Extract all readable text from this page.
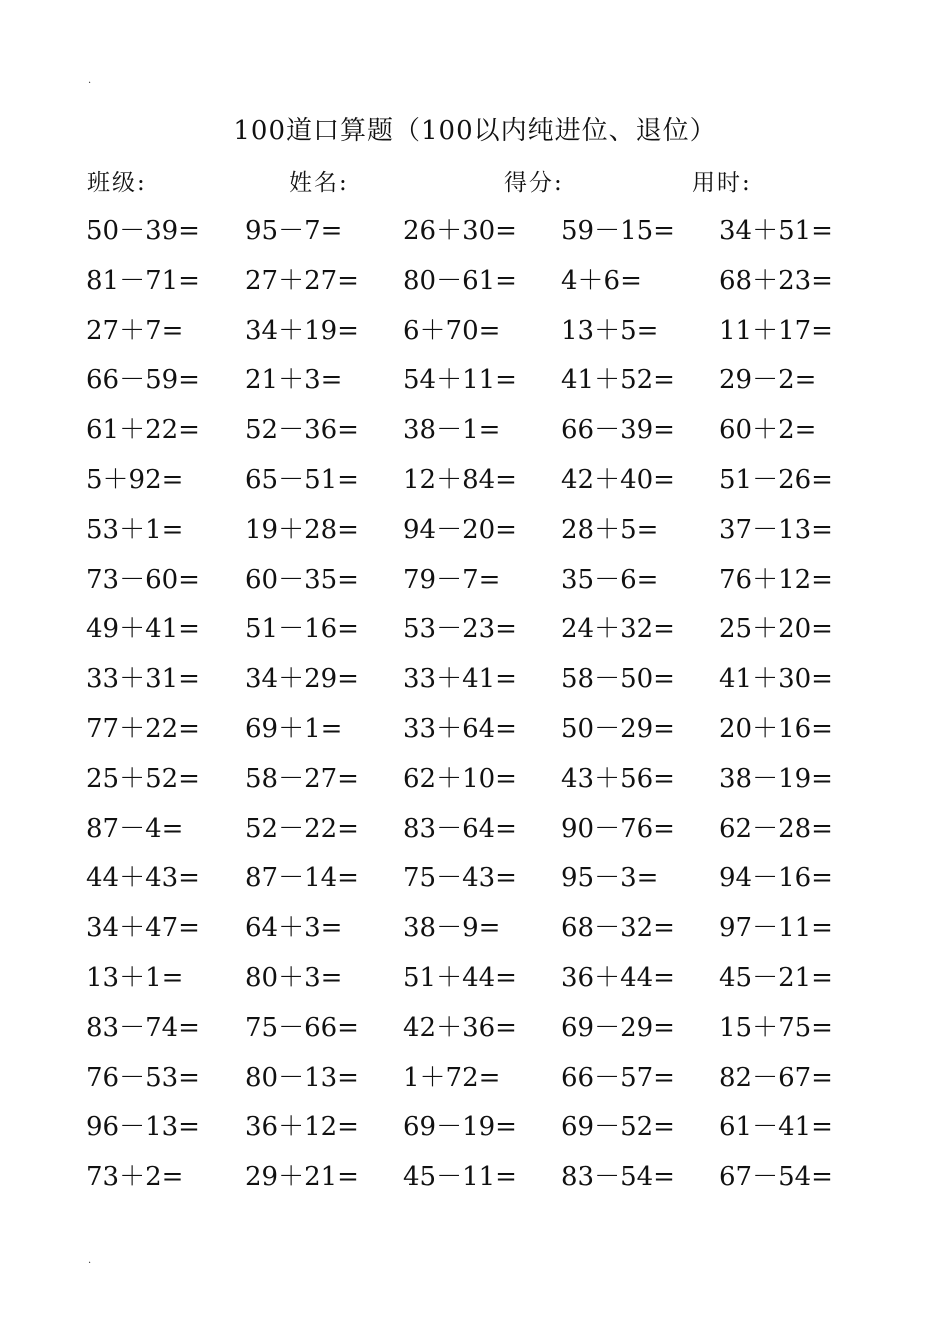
.
100道口算题（100以内纯进位、退位）
班级:	姓名:	得分:	用时:
50－39= 95－7= 26＋30= 59－15= 34＋51=
81－71= 27＋27= 80－61= 4＋6=	68＋23=
27＋7= 34＋19= 6＋70= 13＋5= 11＋17=
66－59= 21＋3= 54＋11= 41＋52= 29－2=
61＋22= 52－36= 38－1= 66－39= 60＋2=
5＋92= 65－51= 12＋84= 42＋40= 51－26=
53＋1= 19＋28= 94－20= 28＋5= 37－13=
73－60= 60－35= 79－7= 35－6= 76＋12=
49＋41= 51－16= 53－23= 24＋32= 25＋20=
33＋31= 34＋29= 33＋41= 58－50= 41＋30=
77＋22= 69＋1= 33＋64= 50－29= 20＋16=
25＋52= 58－27= 62＋10= 43＋56= 38－19=
87－4= 52－22= 83－64= 90－76= 62－28=
44＋43= 87－14= 75－43= 95－3= 94－16=
34＋47= 64＋3= 38－9= 68－32= 97－11=
13＋1= 80＋3= 51＋44= 36＋44= 45－21=
83－74= 75－66= 42＋36= 69－29= 15＋75=
76－53= 80－13= 1＋72= 66－57= 82－67=
96－13= 36＋12= 69－19= 69－52= 61－41=
73＋2= 29＋21= 45－11= 83－54= 67－54=
.
